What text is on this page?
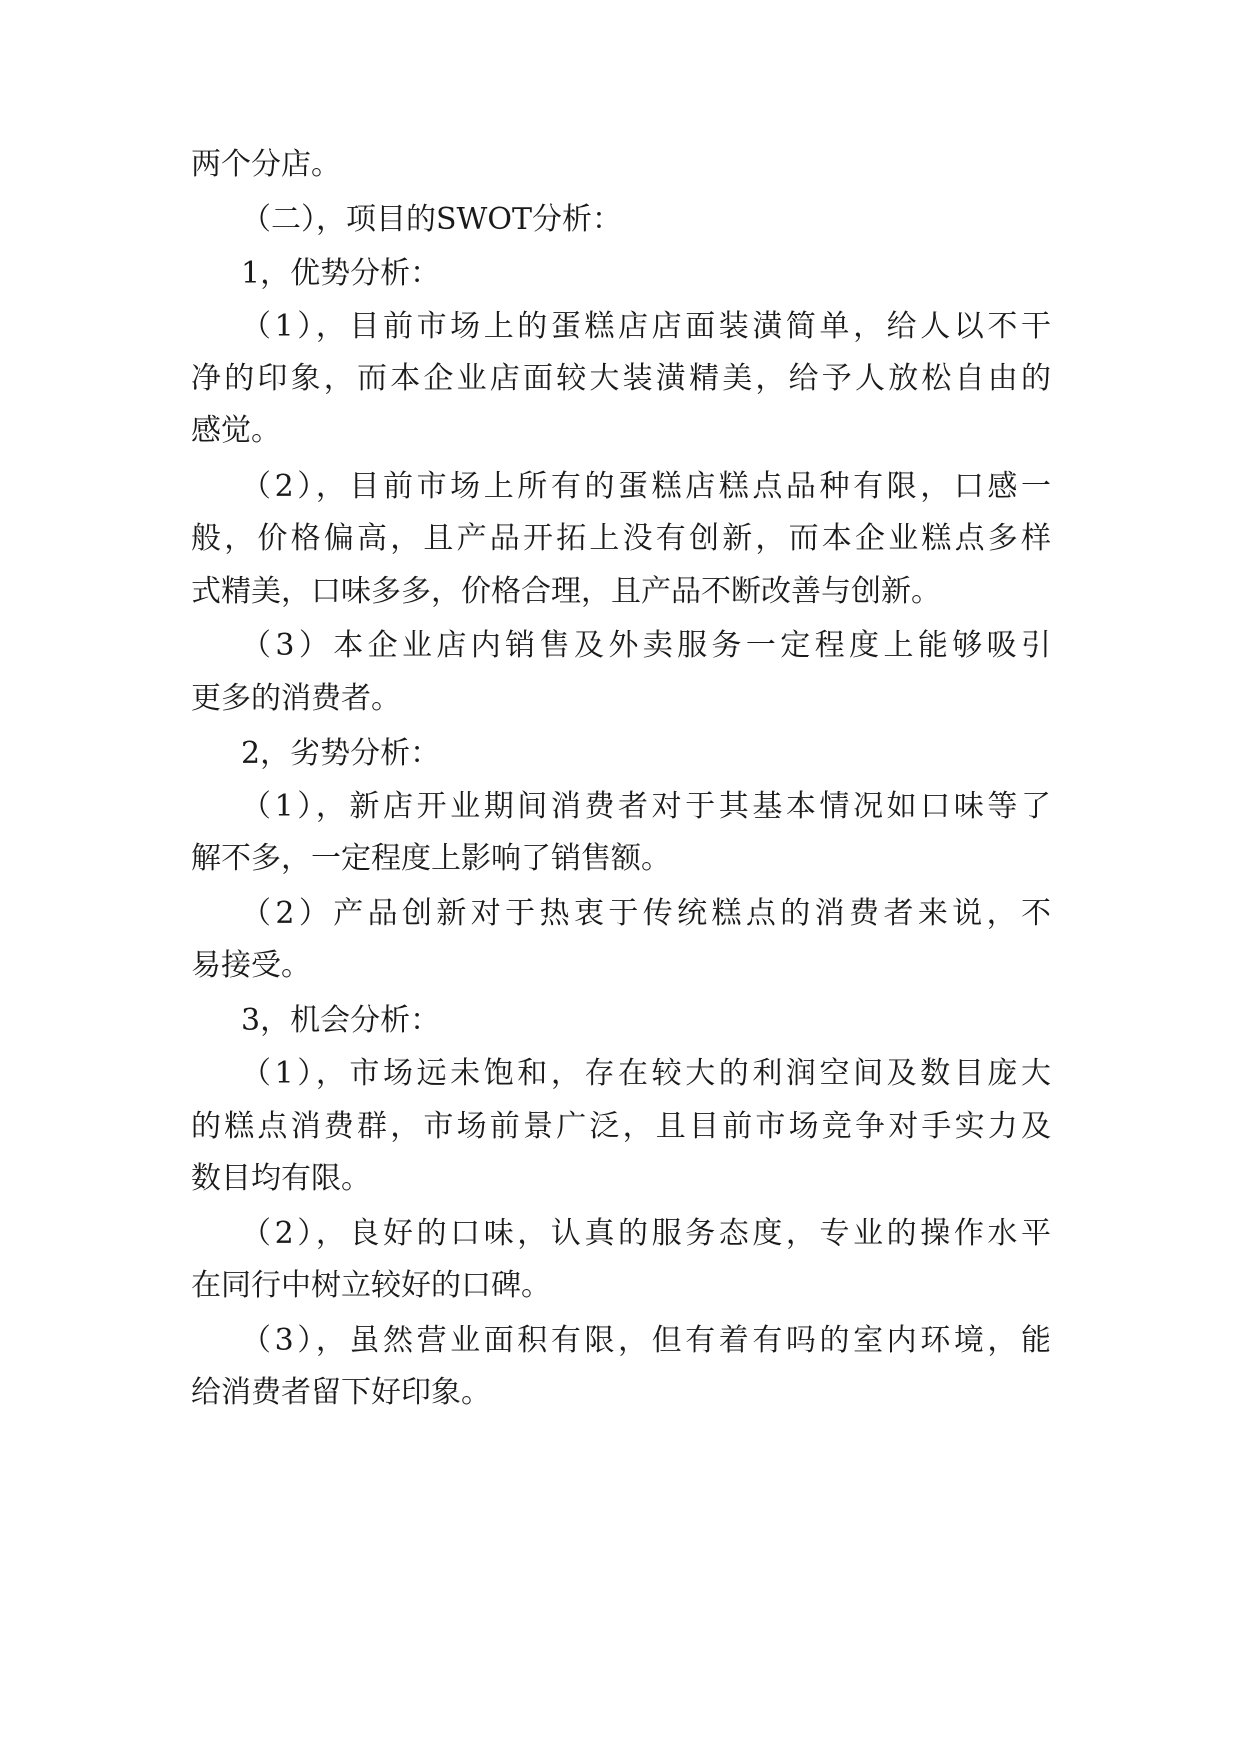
两个分店。
（二），项目的SWOT分析：
1，优势分析：
（1），目前市场上的蛋糕店店面装潢简单，给人以不干
净的印象，而本企业店面较大装潢精美，给予人放松自由的
感觉。
（2），目前市场上所有的蛋糕店糕点品种有限，口感一
般，价格偏高，且产品开拓上没有创新，而本企业糕点多样
式精美，口味多多，价格合理，且产品不断改善与创新。
（3）本企业店内销售及外卖服务一定程度上能够吸引
更多的消费者。
2，劣势分析：
（1），新店开业期间消费者对于其基本情况如口味等了
解不多，一定程度上影响了销售额。
（2）产品创新对于热衷于传统糕点的消费者来说，不
易接受。
3，机会分析：
（1），市场远未饱和，存在较大的利润空间及数目庞大
的糕点消费群，市场前景广泛，且目前市场竞争对手实力及
数目均有限。
（2），良好的口味，认真的服务态度，专业的操作水平
在同行中树立较好的口碑。
（3），虽然营业面积有限，但有着有吗的室内环境，能
给消费者留下好印象。
